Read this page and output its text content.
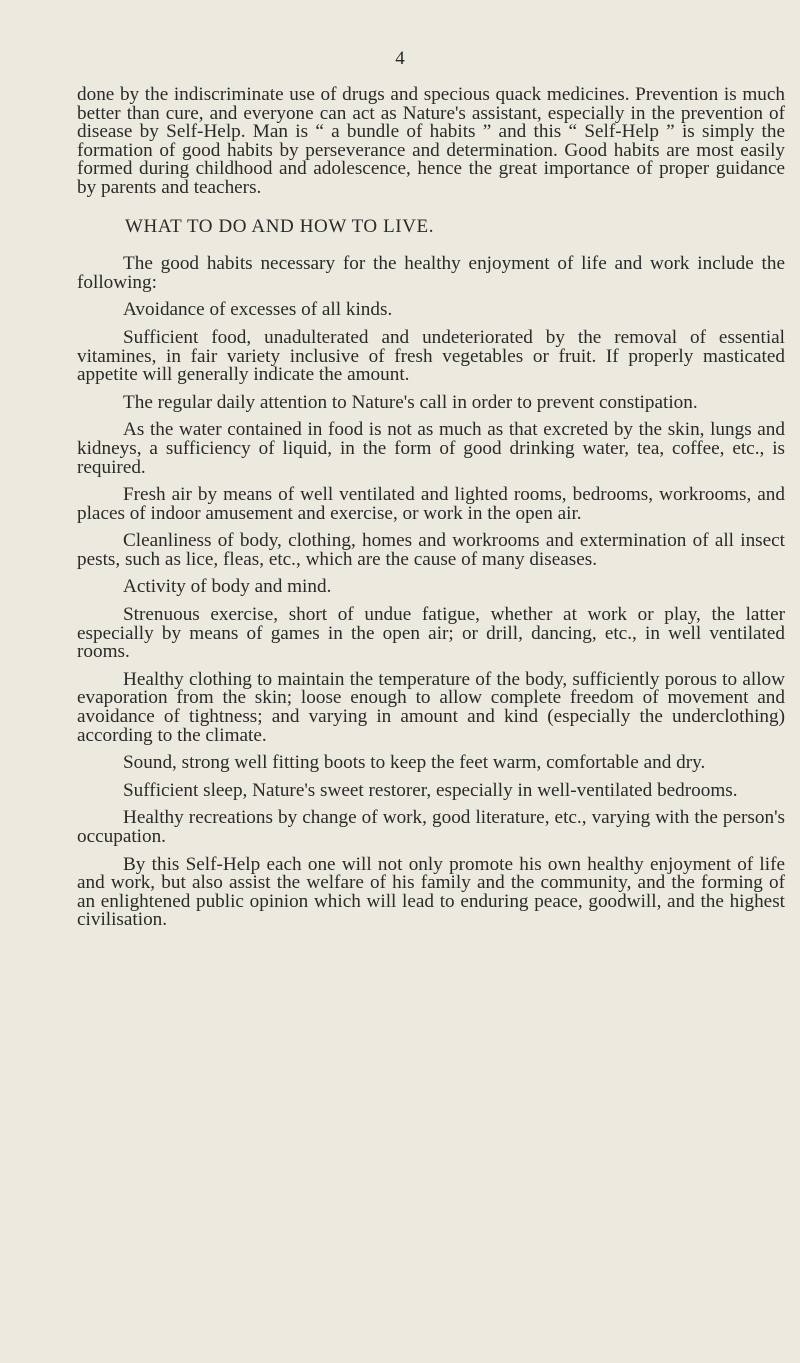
4

done by the indiscriminate use of drugs and specious quack medicines. Prevention is much better than cure, and everyone can act as Nature's assistant, especially in the prevention of disease by Self-Help. Man is “ a bundle of habits ” and this “ Self-Help ” is simply the formation of good habits by perseverance and determination. Good habits are most easily formed during childhood and adolescence, hence the great importance of proper guidance by parents and teachers.

WHAT TO DO AND HOW TO LIVE.

The good habits necessary for the healthy enjoyment of life and work include the following:

Avoidance of excesses of all kinds.

Sufficient food, unadulterated and undeteriorated by the removal of essential vitamines, in fair variety inclusive of fresh vegetables or fruit. If properly masticated appetite will generally indicate the amount.

The regular daily attention to Nature's call in order to prevent constipation.

As the water contained in food is not as much as that excreted by the skin, lungs and kidneys, a sufficiency of liquid, in the form of good drinking water, tea, coffee, etc., is required.

Fresh air by means of well ventilated and lighted rooms, bedrooms, workrooms, and places of indoor amusement and exercise, or work in the open air.

Cleanliness of body, clothing, homes and workrooms and extermination of all insect pests, such as lice, fleas, etc., which are the cause of many diseases.

Activity of body and mind.

Strenuous exercise, short of undue fatigue, whether at work or play, the latter especially by means of games in the open air; or drill, dancing, etc., in well ventilated rooms.

Healthy clothing to maintain the temperature of the body, sufficiently porous to allow evaporation from the skin; loose enough to allow complete freedom of movement and avoidance of tightness; and varying in amount and kind (especially the underclothing) according to the climate.

Sound, strong well fitting boots to keep the feet warm, comfortable and dry.

Sufficient sleep, Nature's sweet restorer, especially in well-ventilated bedrooms.

Healthy recreations by change of work, good literature, etc., varying with the person's occupation.

By this Self-Help each one will not only promote his own healthy enjoyment of life and work, but also assist the welfare of his family and the community, and the forming of an enlightened public opinion which will lead to enduring peace, goodwill, and the highest civilisation.
